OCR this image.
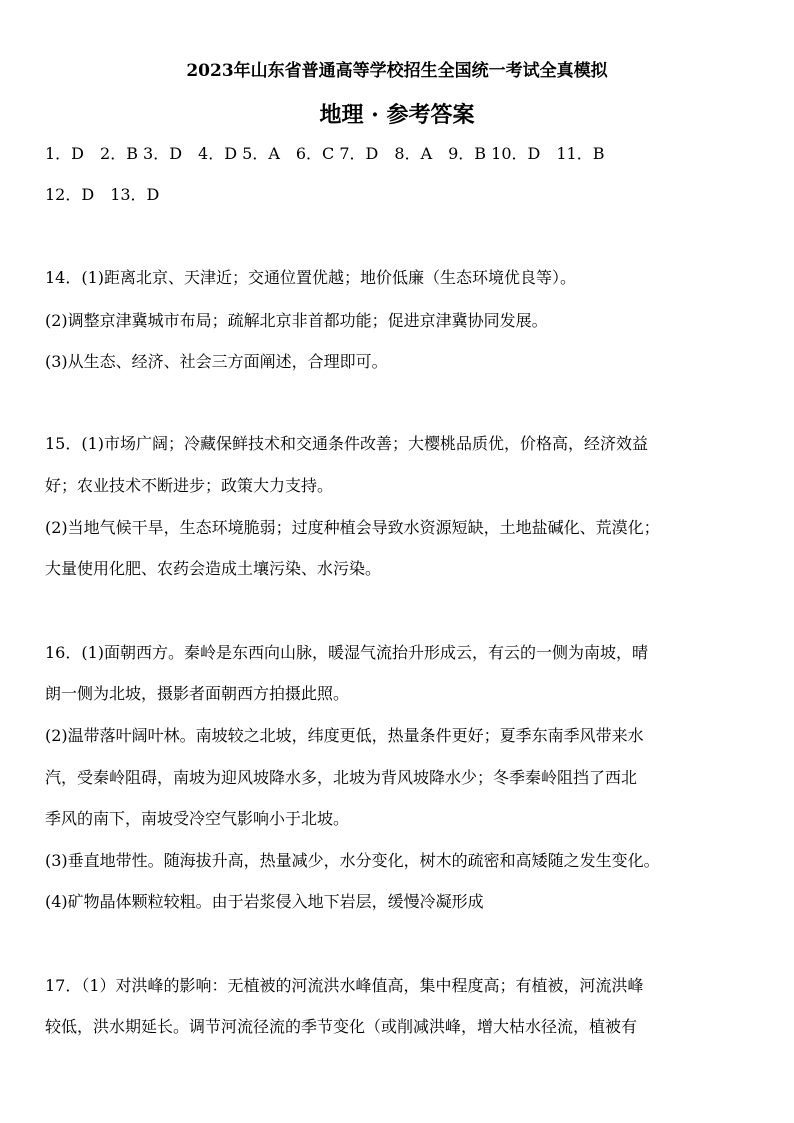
2023年山东省普通高等学校招生全国统一考试全真模拟
地理 · 参考答案
1．D　2．B 3．D　4．D 5．A　6．C 7．D　8．A　9．B 10．D　11．B
12．D　13．D
14．(1)距离北京、天津近；交通位置优越；地价低廉（生态环境优良等）。
(2)调整京津冀城市布局；疏解北京非首都功能；促进京津冀协同发展。
(3)从生态、经济、社会三方面阐述，合理即可。
15．(1)市场广阔；冷藏保鲜技术和交通条件改善；大樱桃品质优，价格高，经济效益
好；农业技术不断进步；政策大力支持。
(2)当地气候干旱，生态环境脆弱；过度种植会导致水资源短缺，土地盐碱化、荒漠化；
大量使用化肥、农药会造成土壤污染、水污染。
16．(1)面朝西方。秦岭是东西向山脉，暖湿气流抬升形成云，有云的一侧为南坡，晴
朗一侧为北坡，摄影者面朝西方拍摄此照。
(2)温带落叶阔叶林。南坡较之北坡，纬度更低，热量条件更好；夏季东南季风带来水
汽，受秦岭阻碍，南坡为迎风坡降水多，北坡为背风坡降水少；冬季秦岭阻挡了西北
季风的南下，南坡受冷空气影响小于北坡。
(3)垂直地带性。随海拔升高，热量减少，水分变化，树木的疏密和高矮随之发生变化。
(4)矿物晶体颗粒较粗。由于岩浆侵入地下岩层，缓慢冷凝形成
17．（1）对洪峰的影响：无植被的河流洪水峰值高，集中程度高；有植被，河流洪峰
较低，洪水期延长。调节河流径流的季节变化（或削减洪峰，增大枯水径流，植被有
